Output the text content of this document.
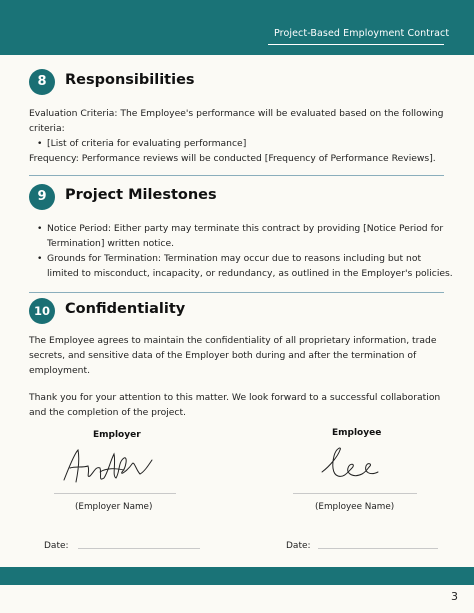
Project-Based Employment Contract
8	Responsibilities
Evaluation Criteria: The Employee's performance will be evaluated based on the following
criteria:
• [List of criteria for evaluating performance]
Frequency: Performance reviews will be conducted [Frequency of Performance Reviews].
9	Project Milestones
• Notice Period: Either party may terminate this contract by providing [Notice Period for
Termination] written notice.
• Grounds for Termination: Termination may occur due to reasons including but not
limited to misconduct, incapacity, or redundancy, as outlined in the Employer's policies.
10	Confidentiality
The Employee agrees to maintain the confidentiality of all proprietary information, trade
secrets, and sensitive data of the Employer both during and after the termination of
employment.
Thank you for your attention to this matter. We look forward to a successful collaboration
and the completion of the project.
Employer	Employee
(Employer Name)	(Employee Name)
Date:	Date:
3
